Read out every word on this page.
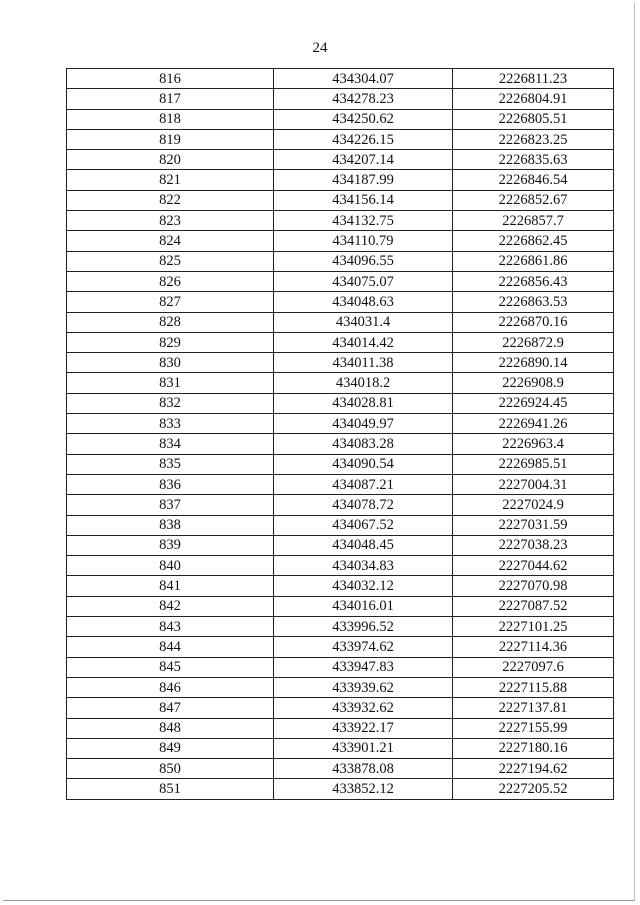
24
816	434304.07	2226811.23
817	434278.23	2226804.91
818	434250.62	2226805.51
819	434226.15	2226823.25
820	434207.14	2226835.63
821	434187.99	2226846.54
822	434156.14	2226852.67
823	434132.75	2226857.7
824	434110.79	2226862.45
825	434096.55	2226861.86
826	434075.07	2226856.43
827	434048.63	2226863.53
828	434031.4	2226870.16
829	434014.42	2226872.9
830	434011.38	2226890.14
831	434018.2	2226908.9
832	434028.81	2226924.45
833	434049.97	2226941.26
834	434083.28	2226963.4
835	434090.54	2226985.51
836	434087.21	2227004.31
837	434078.72	2227024.9
838	434067.52	2227031.59
839	434048.45	2227038.23
840	434034.83	2227044.62
841	434032.12	2227070.98
842	434016.01	2227087.52
843	433996.52	2227101.25
844	433974.62	2227114.36
845	433947.83	2227097.6
846	433939.62	2227115.88
847	433932.62	2227137.81
848	433922.17	2227155.99
849	433901.21	2227180.16
850	433878.08	2227194.62
851	433852.12	2227205.52
